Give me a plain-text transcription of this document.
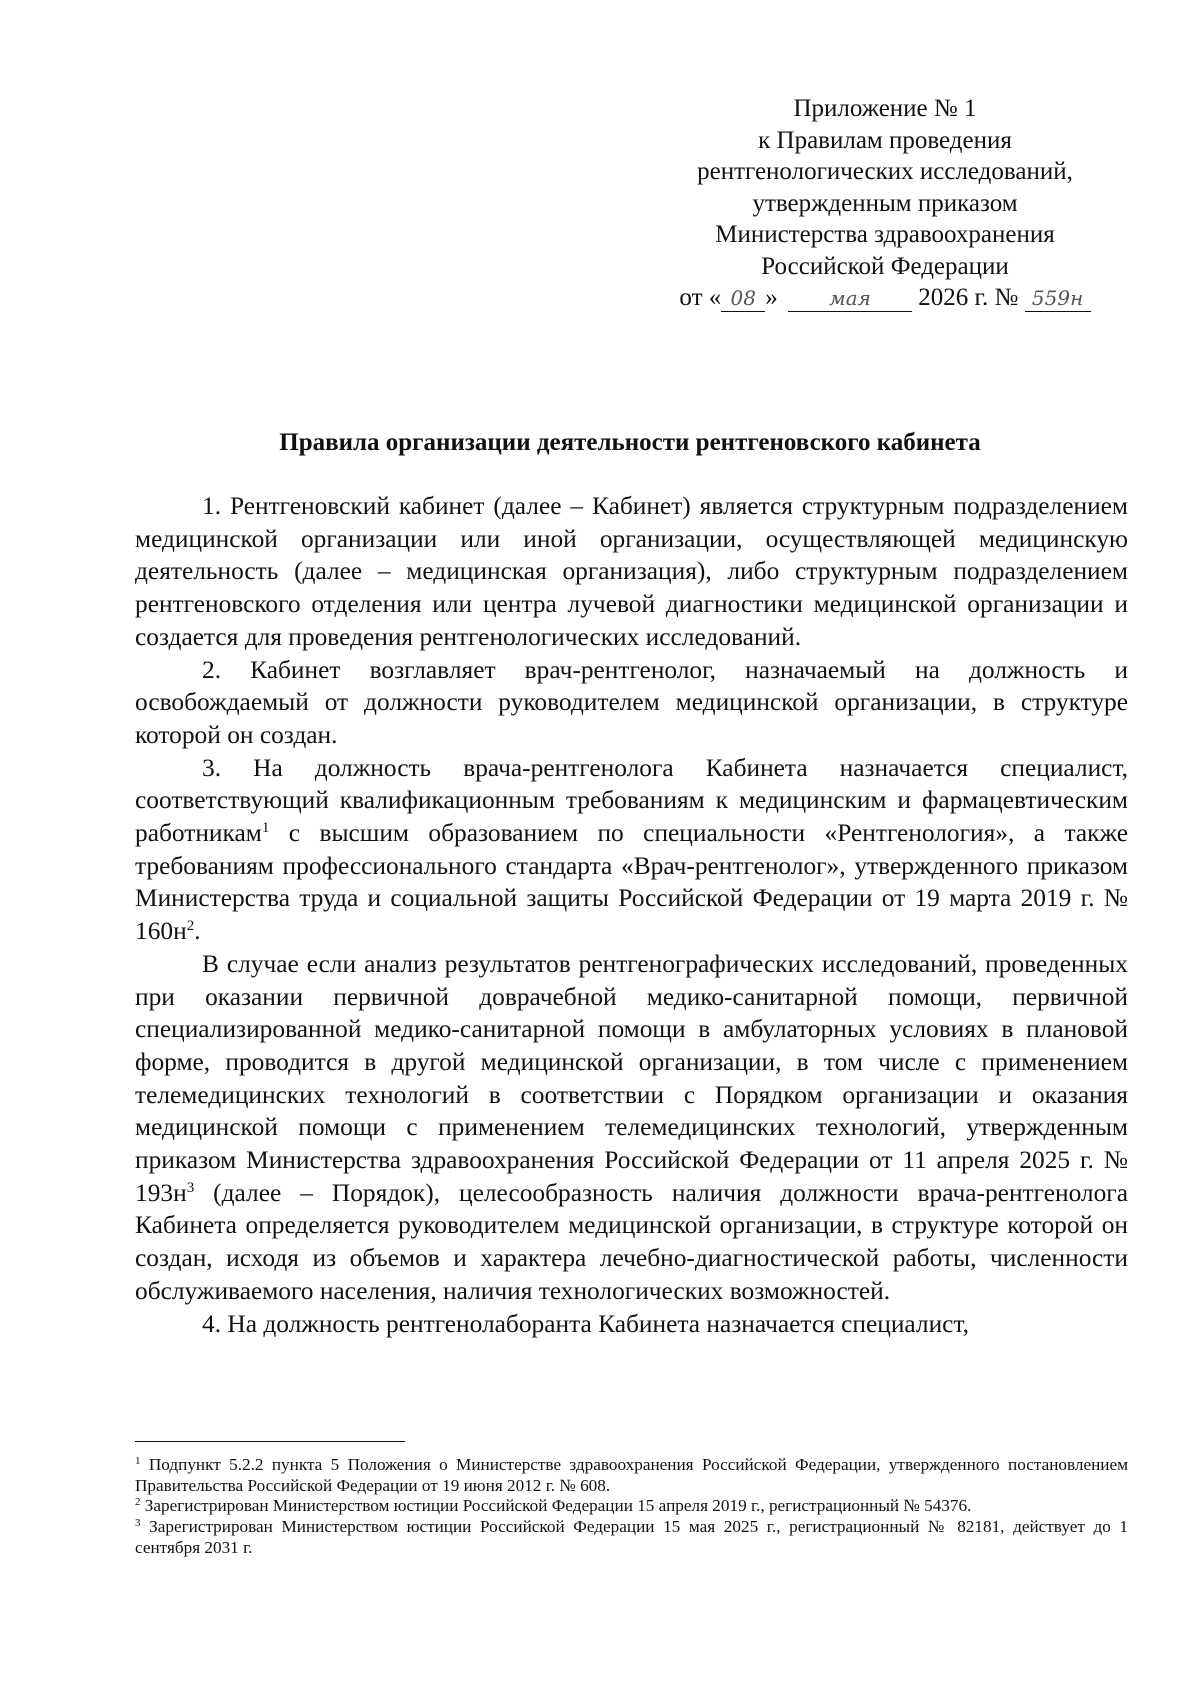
Приложение № 1
к Правилам проведения
рентгенологических исследований,
утвержденным приказом
Министерства здравоохранения
Российской Федерации
от « 08 »	мая 2026 г. № 559н
Правила организации деятельности рентгеновского кабинета

1. Рентгеновский кабинет (далее – Кабинет) является структурным подразделением медицинской организации или иной организации, осуществляющей медицинскую деятельность (далее – медицинская организация), либо структурным подразделением рентгеновского отделения или центра лучевой диагностики медицинской организации и создается для проведения рентгенологических исследований.

2. Кабинет возглавляет врач-рентгенолог, назначаемый на должность и освобождаемый от должности руководителем медицинской организации, в структуре которой он создан.

3. На должность врача-рентгенолога Кабинета назначается специалист, соответствующий квалификационным требованиям к медицинским и фармацевтическим работникам$^1$ с высшим образованием по специальности «Рентгенология», а также требованиям профессионального стандарта «Врач-рентгенолог», утвержденного приказом Министерства труда и социальной защиты Российской Федерации от 19 марта 2019 г. № $160н^2$.

В случае если анализ результатов рентгенографических исследований, проведенных при оказании первичной доврачебной медико-санитарной помощи, первичной специализированной медико-санитарной помощи в амбулаторных условиях в плановой форме, проводится в другой медицинской организации, в том числе с применением телемедицинских технологий в соответствии с Порядком организации и оказания медицинской помощи с применением телемедицинских технологий, утвержденным приказом Министерства здравоохранения Российской Федерации от 11 апреля 2025 г. № $193н^3$ (далее – Порядок), целесообразность наличия должности врача-рентгенолога Кабинета определяется руководителем медицинской организации, в структуре которой он создан, исходя из объемов и характера лечебно-диагностической работы, численности обслуживаемого населения, наличия технологических возможностей.

4. На должность рентгенолаборанта Кабинета назначается специалист,

$^1$ Подпункт 5.2.2 пункта 5 Положения о Министерстве здравоохранения Российской Федерации, утвержденного постановлением Правительства Российской Федерации от 19 июня 2012 г. № 608.

$^2$ Зарегистрирован Министерством юстиции Российской Федерации 15 апреля 2019 г., регистрационный № 54376.

$^3$ Зарегистрирован Министерством юстиции Российской Федерации 15 мая 2025 г., регистрационный № 82181, действует до 1 сентября 2031 г.
